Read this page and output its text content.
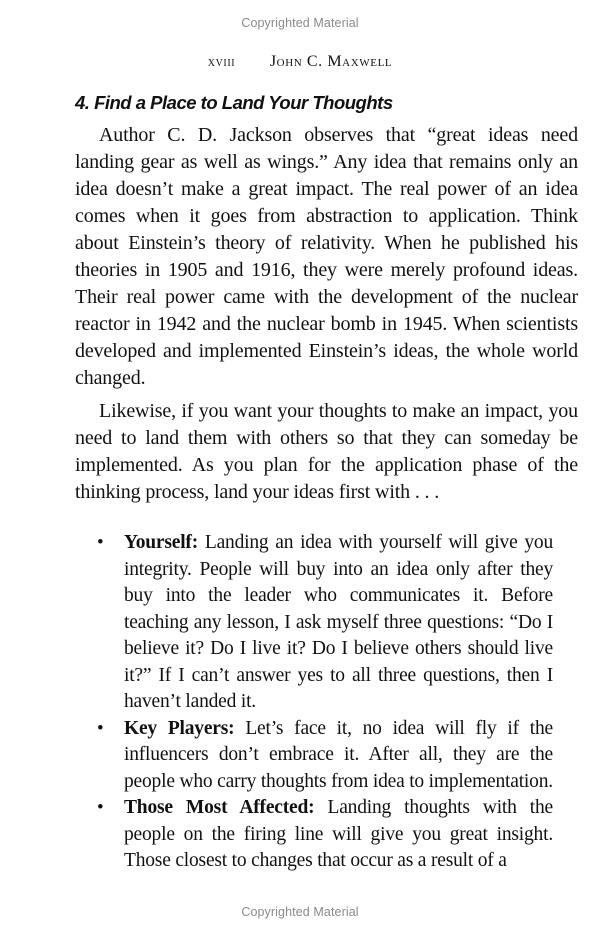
Copyrighted Material
xviii John C. Maxwell
4. Find a Place to Land Your Thoughts

Author C. D. Jackson observes that “great ideas need landing gear as well as wings.” Any idea that remains only an idea doesn’t make a great impact. The real power of an idea comes when it goes from abstraction to application. Think about Einstein’s theory of relativity. When he published his theories in 1905 and 1916, they were merely profound ideas. Their real power came with the development of the nuclear reactor in 1942 and the nuclear bomb in 1945. When scientists developed and implemented Einstein’s ideas, the whole world changed.

Likewise, if you want your thoughts to make an impact, you need to land them with others so that they can someday be implemented. As you plan for the application phase of the thinking process, land your ideas first with . . .

• Yourself: Landing an idea with yourself will give you integrity. People will buy into an idea only after they buy into the leader who communicates it. Before teaching any lesson, I ask myself three questions: “Do I believe it? Do I live it? Do I believe others should live it?” If I can’t answer yes to all three questions, then I haven’t landed it.
• Key Players: Let’s face it, no idea will fly if the influencers don’t embrace it. After all, they are the people who carry thoughts from idea to implementation.
• Those Most Affected: Landing thoughts with the people on the firing line will give you great insight. Those closest to changes that occur as a result of a
Copyrighted Material
